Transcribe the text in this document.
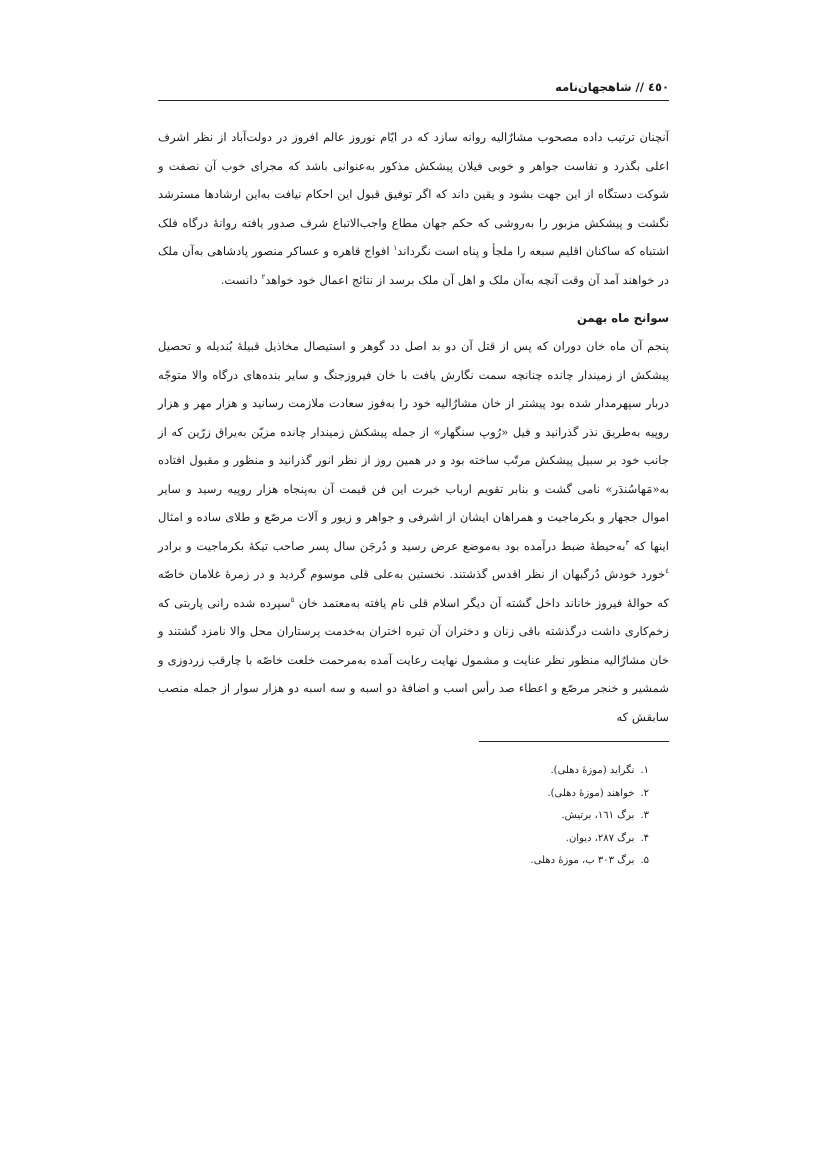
٤٥٠ // شاهجهان‌نامه

آنچنان ترتیب داده مصحوب مشارٌالیه روانه سازد که در ایّام نوروز عالم افروز در دولت‌آباد از نظر اشرف اعلی بگذرد و نفاست جواهر و خوبی فیلان پیشکش مذکور به‌عنوانی باشد که مجرای خوب آن نصفت و شوکت دستگاه از این جهت بشود و یقین داند که اگر توفیق قبول این احکام نیافت به‌این ارشادها مسترشد نگشت و پیشکش مزبور را به‌روشی که حکم جهان مطاع واجب‌الاتباع شرف صدور یافته روانهٔ درگاه فلک اشتباه که ساکنان اقلیم سبعه را ملجأ و پناه است نگرداند$^١$ افواج قاهره و عساکر منصور پادشاهی به‌آن ملک در خواهند آمد آن وقت آنچه به‌آن ملک و اهل آن ملک برسد از نتائج اعمال خود خواهد$^٢$ دانست.

سوانح ماه بهمن

پنجم آن ماه خان دوران که پس از قتل آن دو بد اصل دد گوهر و استیصال مخاذیل قبیلهٔ بُندیله و تحصیل پیشکش از زمیندار چانده چنانچه سمت نگارش یافت با خان فیروزجنگ و سایر بنده‌های درگاه والا متوجّه دربار سپهرمدار شده بود پیشتر از خان مشارٌالیه خود را به‌فوز سعادت ملازمت رسانید و هزار مهر و هزار روپیه به‌طریق نذر گذرانید و فیل «رُوپ سنگهار» از جمله پیشکش زمیندار چانده مزیّن به‌یراق زرّین که از جانب خود بر سبیل پیشکش مرتّب ساخته بود و در همین روز از نظر انور گذرانید و منظور و مقبول افتاده به«مَهاسُندَر» نامی گشت و بنابر تقویم ارباب خبرت این فن قیمت آن به‌پنجاه هزار روپیه رسید و سایر اموال ججهار و بکرماجیت و همراهان ایشان از اشرفی و جواهر و زیور و آلات مرصّع و طلای ساده و امثال اینها که $^٣$به‌حیطهٔ ضبط درآمده بود به‌موضع عرض رسید و دُرجَن سال پسر صاحب تیکهٔ بکرماجیت و برادر $^٤$خورد خودش دُرگبهان از نظر اقدس گذشتند. نخستین به‌علی قلی موسوم گردید و در زمرهٔ غلامان خاصّه که حوالهٔ فیروز خاناند داخل گشته آن دیگر اسلام قلی نام یافته به‌معتمد خان $^٥$سپرده شده رانی پاربتی که زخم‌کاری داشت درگذشته باقی زنان و دختران آن تیره اختران به‌خدمت پرستاران محل والا نامزد گشتند و خان مشارٌالیه منظور نظر عنایت و مشمول نهایت رعایت آمده به‌مرحمت خلعت خاصّه با چارقب زردوزی و شمشیر و خنجر مرصّع و اعطاء صد رأس اسب و اضافهٔ دو اسبه و سه اسبه دو هزار سوار از جمله منصب سابقش که

١.نگراید (موزهٔ دهلی).
٢.خواهند (موزهٔ دهلی).
٣.برگ ١٦١، برتیش.
۴.برگ ٢٨٧، دیوان.
۵.برگ ٣٠٣ ب، موزهٔ دهلی.
